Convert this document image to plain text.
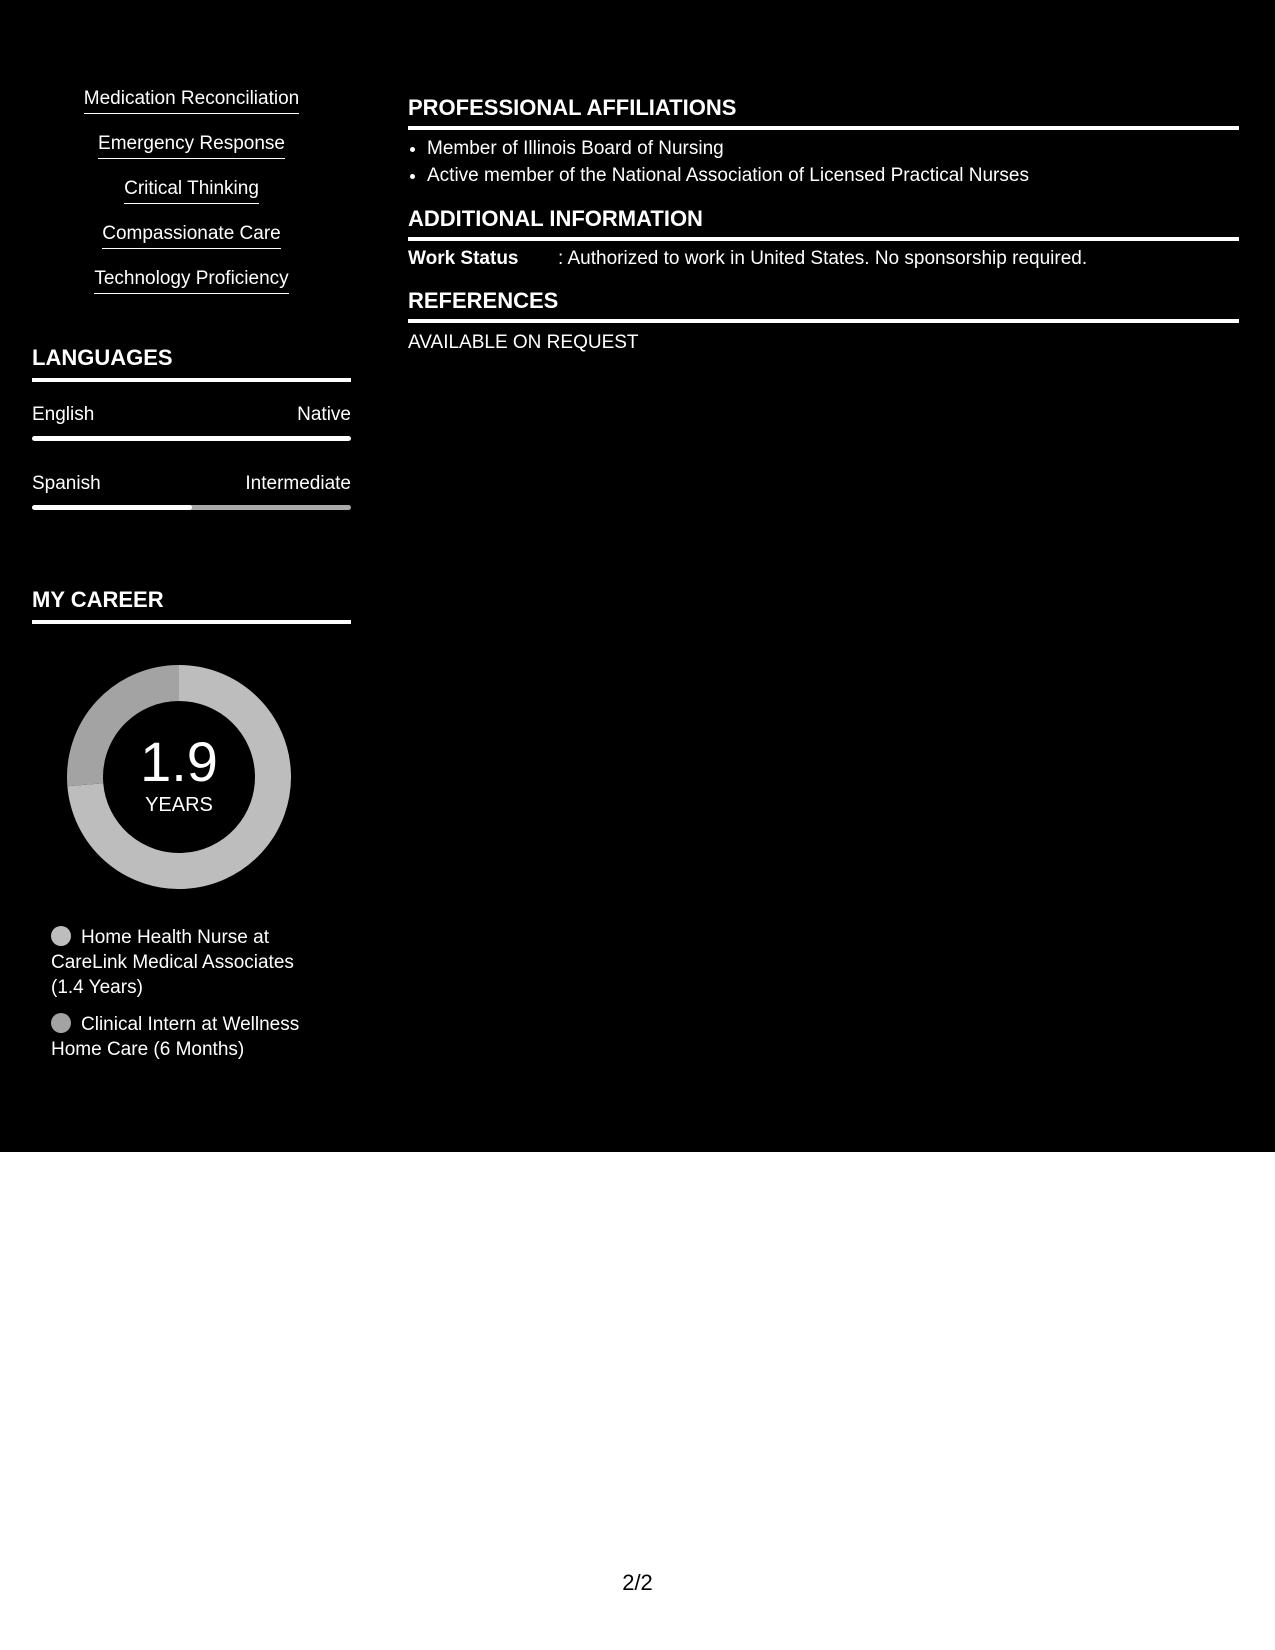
Medication Reconciliation
Emergency Response
Critical Thinking
Compassionate Care
Technology Proficiency
LANGUAGES
English	Native
Spanish	Intermediate
MY CAREER
1.9
YEARS
Home Health Nurse at CareLink Medical Associates (1.4 Years)
Clinical Intern at Wellness Home Care (6 Months)
PROFESSIONAL AFFILIATIONS
• Member of Illinois Board of Nursing
• Active member of the National Association of Licensed Practical Nurses
ADDITIONAL INFORMATION
Work Status : Authorized to work in United States. No sponsorship required.
REFERENCES
AVAILABLE ON REQUEST
2/2
